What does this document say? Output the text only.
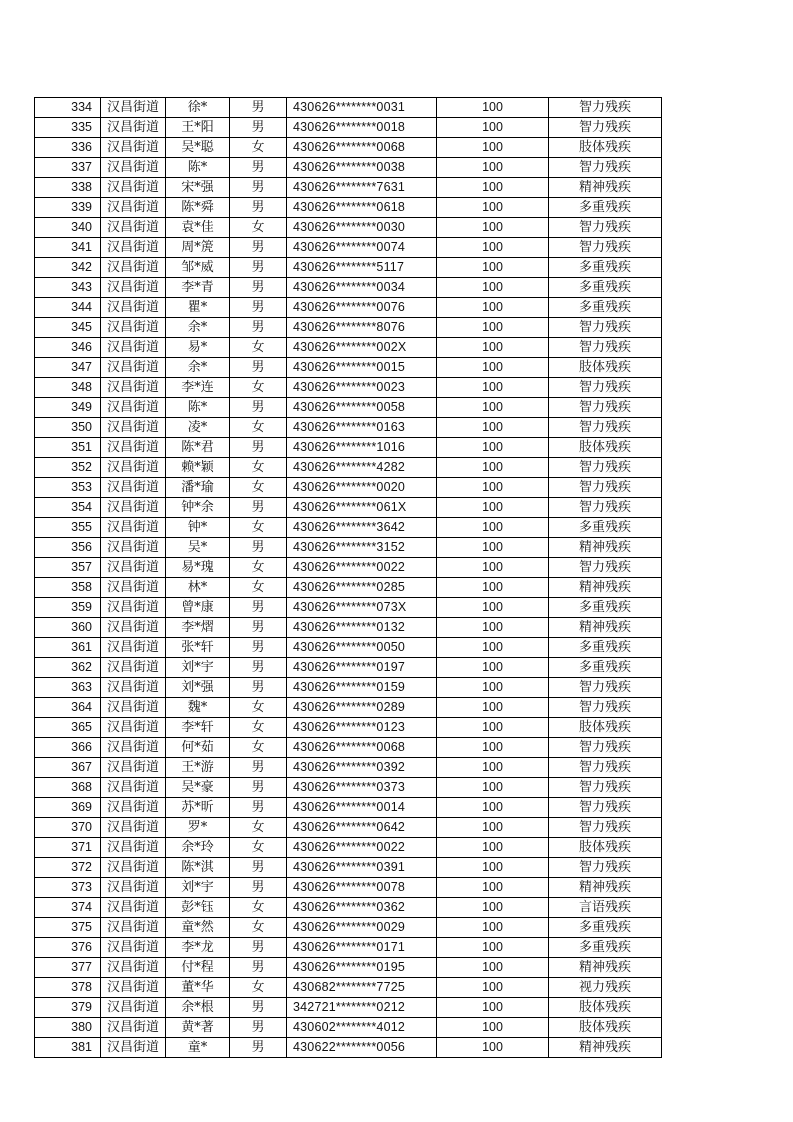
334	汉昌街道	徐*	男	430626********0031	100	智力残疾
335	汉昌街道	王*阳	男	430626********0018	100	智力残疾
336	汉昌街道	吴*聪	女	430626********0068	100	肢体残疾
337	汉昌街道	陈*	男	430626********0038	100	智力残疾
338	汉昌街道	宋*强	男	430626********7631	100	精神残疾
339	汉昌街道	陈*舜	男	430626********0618	100	多重残疾
340	汉昌街道	袁*佳	女	430626********0030	100	智力残疾
341	汉昌街道	周*箎	男	430626********0074	100	智力残疾
342	汉昌街道	邹*威	男	430626********5117	100	多重残疾
343	汉昌街道	李*青	男	430626********0034	100	多重残疾
344	汉昌街道	瞿*	男	430626********0076	100	多重残疾
345	汉昌街道	余*	男	430626********8076	100	智力残疾
346	汉昌街道	易*	女	430626********002X	100	智力残疾
347	汉昌街道	余*	男	430626********0015	100	肢体残疾
348	汉昌街道	李*连	女	430626********0023	100	智力残疾
349	汉昌街道	陈*	男	430626********0058	100	智力残疾
350	汉昌街道	凌*	女	430626********0163	100	智力残疾
351	汉昌街道	陈*君	男	430626********1016	100	肢体残疾
352	汉昌街道	赖*颖	女	430626********4282	100	智力残疾
353	汉昌街道	潘*瑜	女	430626********0020	100	智力残疾
354	汉昌街道	钟*余	男	430626********061X	100	智力残疾
355	汉昌街道	钟*	女	430626********3642	100	多重残疾
356	汉昌街道	吴*	男	430626********3152	100	精神残疾
357	汉昌街道	易*瑰	女	430626********0022	100	智力残疾
358	汉昌街道	林*	女	430626********0285	100	精神残疾
359	汉昌街道	曾*康	男	430626********073X	100	多重残疾
360	汉昌街道	李*熠	男	430626********0132	100	精神残疾
361	汉昌街道	张*轩	男	430626********0050	100	多重残疾
362	汉昌街道	刘*宇	男	430626********0197	100	多重残疾
363	汉昌街道	刘*强	男	430626********0159	100	智力残疾
364	汉昌街道	魏*	女	430626********0289	100	智力残疾
365	汉昌街道	李*轩	女	430626********0123	100	肢体残疾
366	汉昌街道	何*茹	女	430626********0068	100	智力残疾
367	汉昌街道	王*游	男	430626********0392	100	智力残疾
368	汉昌街道	吴*豪	男	430626********0373	100	智力残疾
369	汉昌街道	苏*昕	男	430626********0014	100	智力残疾
370	汉昌街道	罗*	女	430626********0642	100	智力残疾
371	汉昌街道	余*玲	女	430626********0022	100	肢体残疾
372	汉昌街道	陈*淇	男	430626********0391	100	智力残疾
373	汉昌街道	刘*宇	男	430626********0078	100	精神残疾
374	汉昌街道	彭*钰	女	430626********0362	100	言语残疾
375	汉昌街道	童*然	女	430626********0029	100	多重残疾
376	汉昌街道	李*龙	男	430626********0171	100	多重残疾
377	汉昌街道	付*程	男	430626********0195	100	精神残疾
378	汉昌街道	董*华	女	430682********7725	100	视力残疾
379	汉昌街道	余*根	男	342721********0212	100	肢体残疾
380	汉昌街道	黄*著	男	430602********4012	100	肢体残疾
381	汉昌街道	童*	男	430622********0056	100	精神残疾
